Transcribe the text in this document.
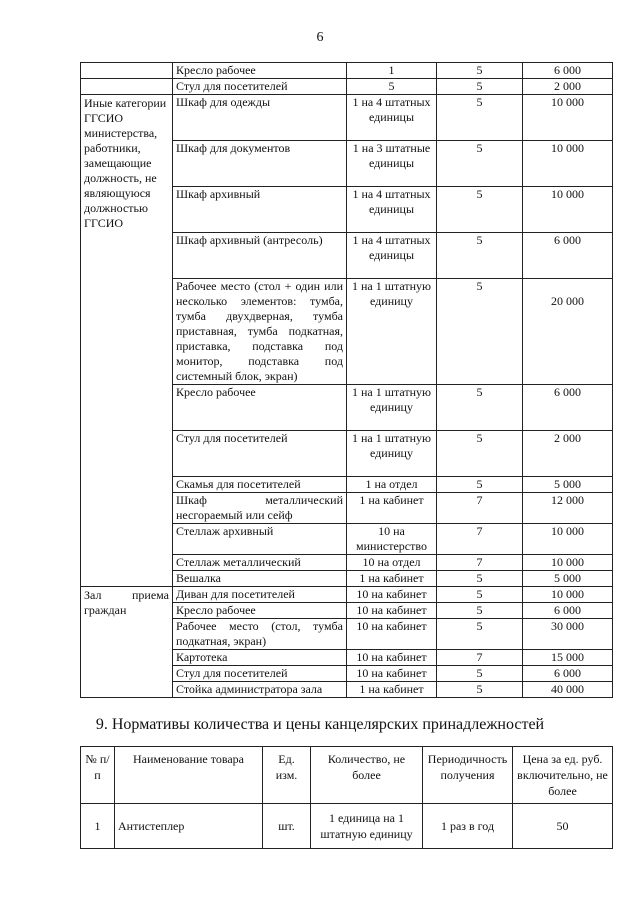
6
	Кресло рабочее	1	5	6 000
	Стул для посетителей	5	5	2 000
Иные категории ГГСИО министерства, работники, замещающие должность, не являющуюся должностью ГГСИО	Шкаф для одежды	1 на 4 штатных единицы	5	10 000
	Шкаф для документов	1 на 3 штатные единицы	5	10 000
	Шкаф архивный	1 на 4 штатных единицы	5	10 000
	Шкаф архивный (антресоль)	1 на 4 штатных единицы	5	6 000
	Рабочее место (стол + один или несколько элементов: тумба, тумба двухдверная, тумба приставная, тумба подкатная, приставка, подставка под монитор, подставка под системный блок, экран)	1 на 1 штатную единицу	5	20 000

	Кресло рабочее	1 на 1 штатную единицу	5	6 000
	Стул для посетителей	1 на 1 штатную единицу	5	2 000
	Скамья для посетителей	1 на отдел	5	5 000
	Шкаф металлический несгораемый или сейф	1 на кабинет	7	12 000
	Стеллаж архивный	10 на министерство	7	10 000
	Стеллаж металлический	10 на отдел	7	10 000
	Вешалка	1 на кабинет	5	5 000
Зал приема граждан	Диван для посетителей	10 на кабинет	5	10 000
	Кресло рабочее	10 на кабинет	5	6 000
	Рабочее место (стол, тумба подкатная, экран)	10 на кабинет	5	30 000
	Картотека	10 на кабинет	7	15 000
	Стул для посетителей	10 на кабинет	5	6 000
	Стойка администратора зала	1 на кабинет	5	40 000
9. Нормативы количества и цены канцелярских принадлежностей
№ п/п	Наименование товара	Ед. изм.	Количество, не более	Периодичность получения	Цена за ед. руб. включительно, не более
1	Антистеплер	шт.	1 единица на 1 штатную единицу	1 раз в год	50
